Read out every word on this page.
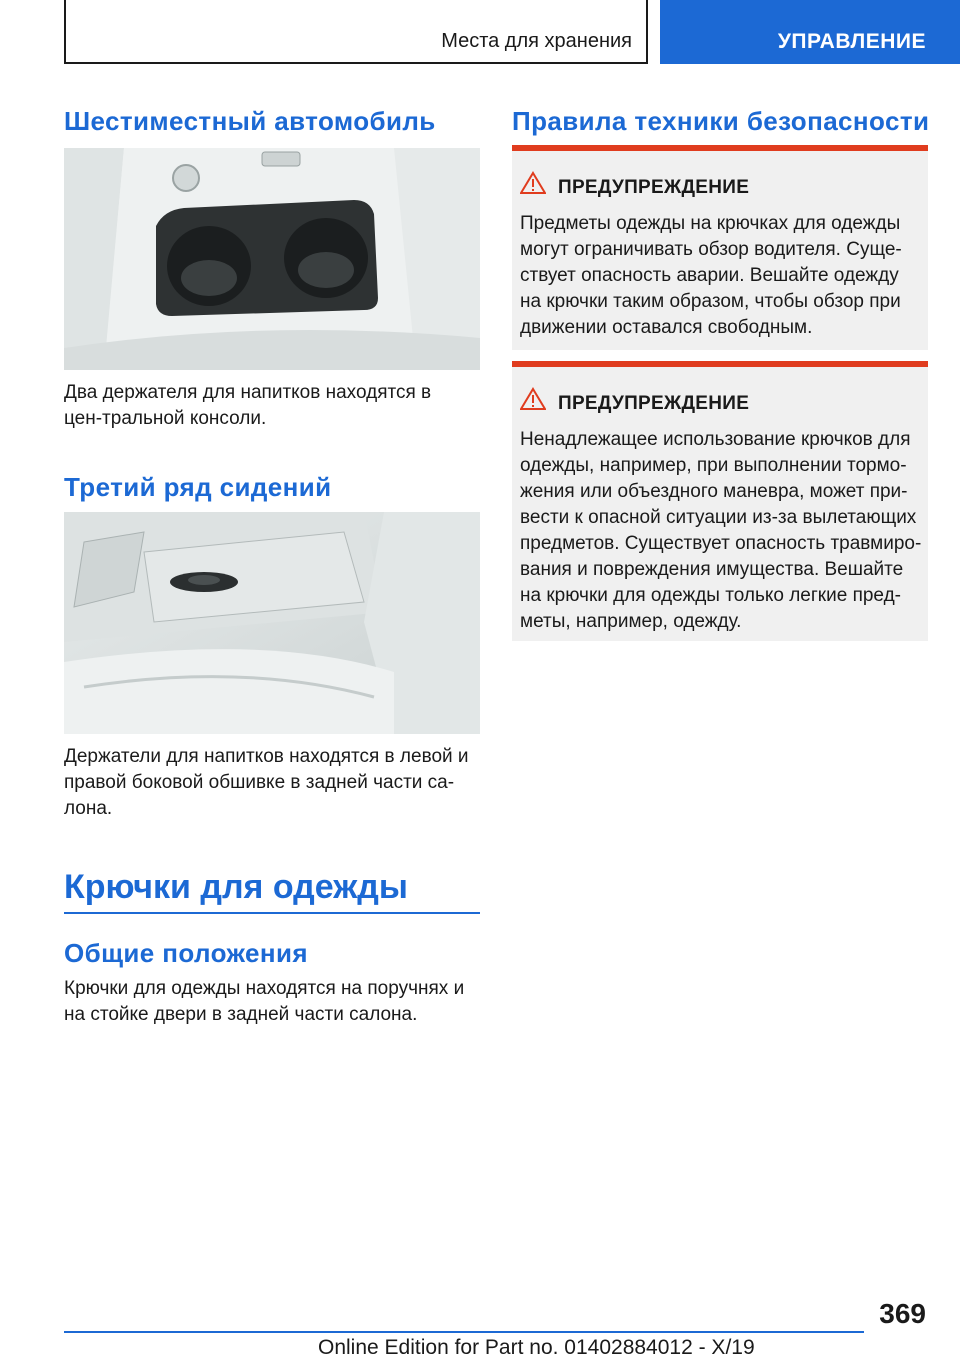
Места для хранения	УПРАВЛЕНИЕ
Шестиместный автомобиль
Два держателя для напитков находятся в цен-тральной консоли.
Третий ряд сидений
Держатели для напитков находятся в левой и правой боковой обшивке в задней части са-лона.
Крючки для одежды
Общие положения
Крючки для одежды находятся на поручнях и на стойке двери в задней части салона.
Правила техники безопасности
ПРЕДУПРЕЖДЕНИЕ
Предметы одежды на крючках для одежды могут ограничивать обзор водителя. Суще-ствует опасность аварии. Вешайте одежду на крючки таким образом, чтобы обзор при движении оставался свободным.
ПРЕДУПРЕЖДЕНИЕ
Ненадлежащее использование крючков для одежды, например, при выполнении тормо-жения или объездного маневра, может при-вести к опасной ситуации из-за вылетающих предметов. Существует опасность травмиро-вания и повреждения имущества. Вешайте на крючки для одежды только легкие пред-меты, например, одежду.
369
Online Edition for Part no. 01402884012 - X/19
